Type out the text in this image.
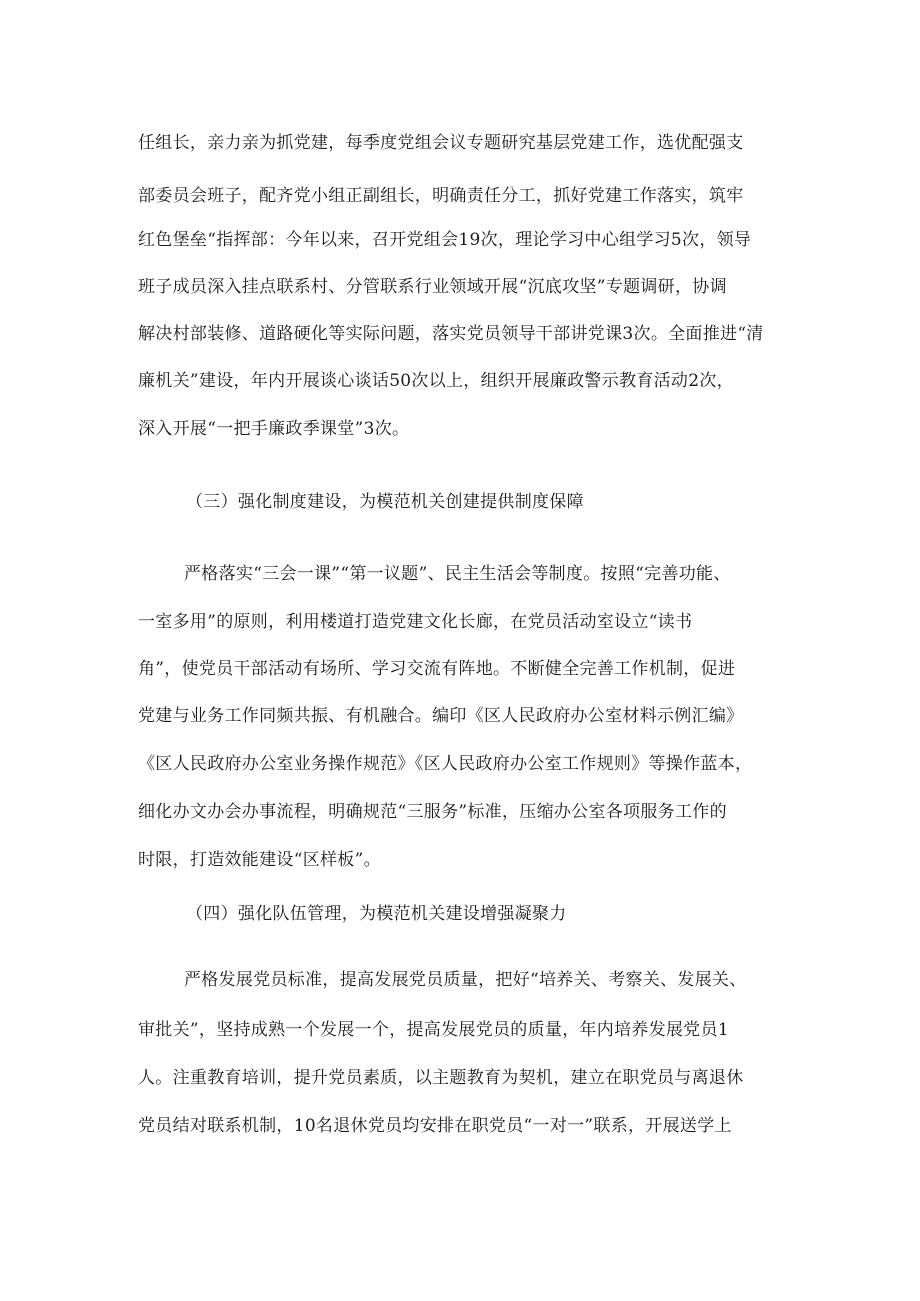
任组长，亲力亲为抓党建，每季度党组会议专题研究基层党建工作，选优配强支
部委员会班子，配齐党小组正副组长，明确责任分工，抓好党建工作落实，筑牢
红色堡垒“指挥部：今年以来，召开党组会19次，理论学习中心组学习5次，领导
班子成员深入挂点联系村、分管联系行业领域开展“沉底攻坚”专题调研，协调
解决村部装修、道路硬化等实际问题，落实党员领导干部讲党课3次。全面推进“清
廉机关”建设，年内开展谈心谈话50次以上，组织开展廉政警示教育活动2次，
深入开展“一把手廉政季课堂”3次。
（三）强化制度建设，为模范机关创建提供制度保障
严格落实“三会一课”“第一议题”、民主生活会等制度。按照“完善功能、
一室多用”的原则，利用楼道打造党建文化长廊，在党员活动室设立“读书
角”，使党员干部活动有场所、学习交流有阵地。不断健全完善工作机制，促进
党建与业务工作同频共振、有机融合。编印《区人民政府办公室材料示例汇编》
《区人民政府办公室业务操作规范》《区人民政府办公室工作规则》等操作蓝本，
细化办文办会办事流程，明确规范“三服务”标准，压缩办公室各项服务工作的
时限，打造效能建设“区样板”。
（四）强化队伍管理，为模范机关建设增强凝聚力
严格发展党员标准，提高发展党员质量，把好“培养关、考察关、发展关、
审批关”，坚持成熟一个发展一个，提高发展党员的质量，年内培养发展党员1
人。注重教育培训，提升党员素质，以主题教育为契机，建立在职党员与离退休
党员结对联系机制，10名退休党员均安排在职党员“一对一”联系，开展送学上
